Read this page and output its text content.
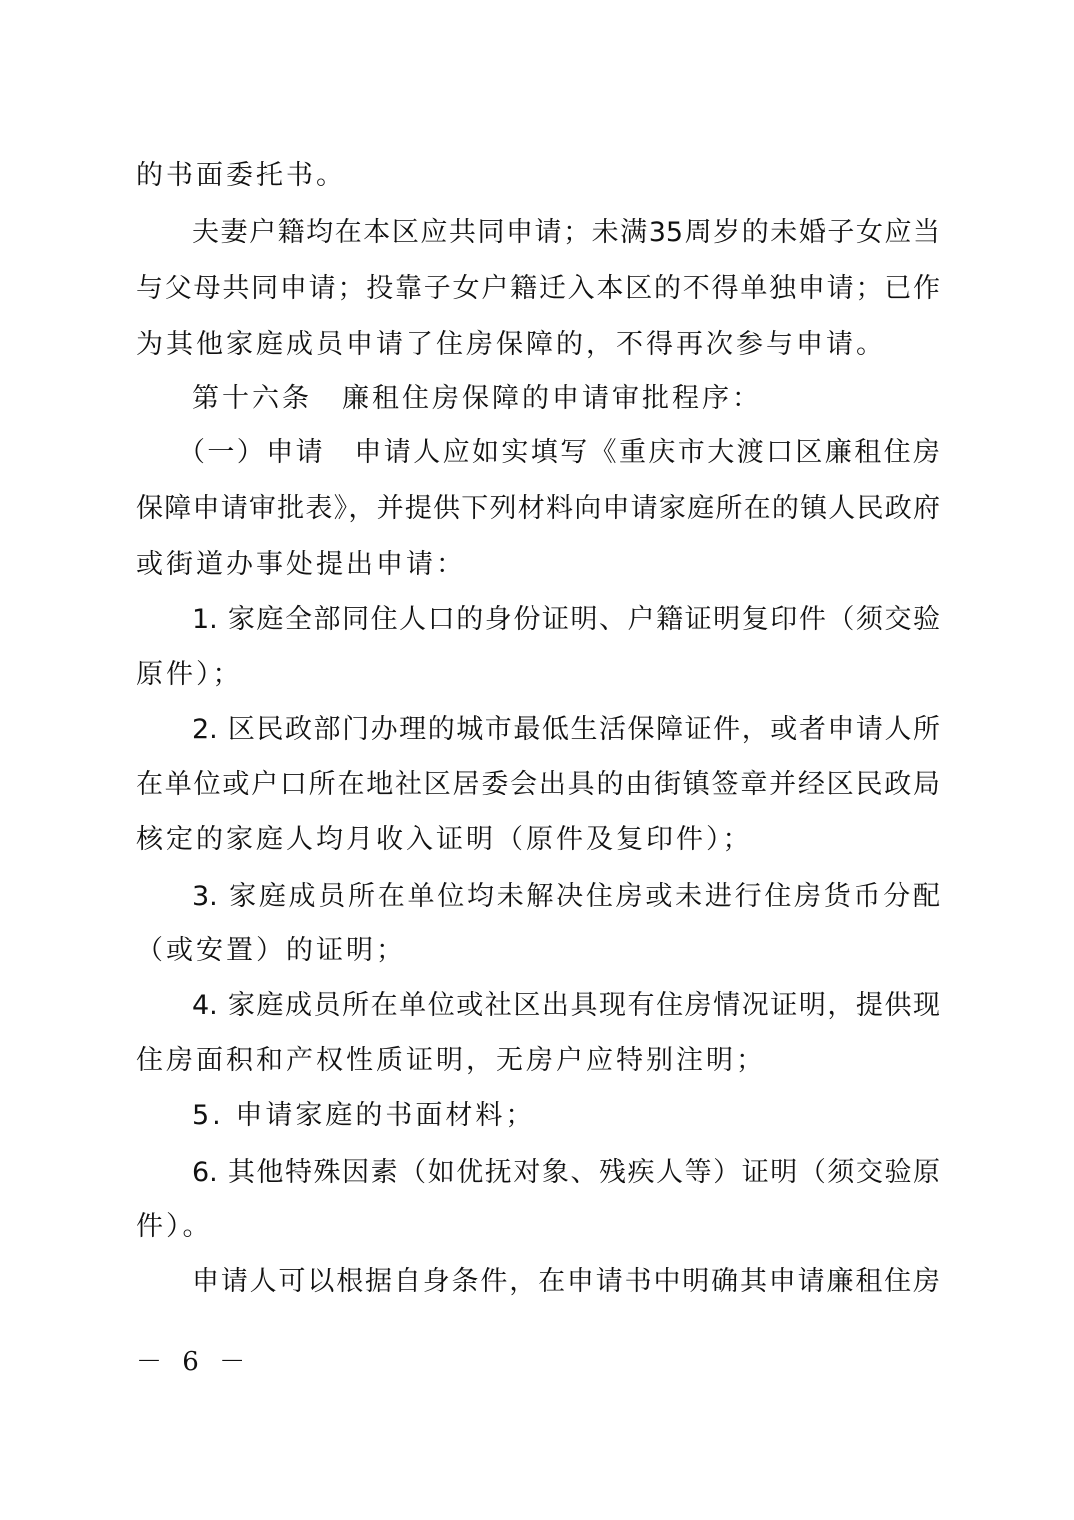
的书面委托书。
夫妻户籍均在本区应共同申请；未满35周岁的未婚子女应当
与父母共同申请；投靠子女户籍迁入本区的不得单独申请；已作
为其他家庭成员申请了住房保障的，不得再次参与申请。
第十六条　廉租住房保障的申请审批程序：
（一）申请　申请人应如实填写《重庆市大渡口区廉租住房
保障申请审批表》，并提供下列材料向申请家庭所在的镇人民政府
或街道办事处提出申请：
1. 家庭全部同住人口的身份证明、户籍证明复印件（须交验
原件）；
2. 区民政部门办理的城市最低生活保障证件，或者申请人所
在单位或户口所在地社区居委会出具的由街镇签章并经区民政局
核定的家庭人均月收入证明（原件及复印件）；
3. 家庭成员所在单位均未解决住房或未进行住房货币分配
（或安置）的证明；
4. 家庭成员所在单位或社区出具现有住房情况证明，提供现
住房面积和产权性质证明，无房户应特别注明；
5. 申请家庭的书面材料；
6. 其他特殊因素（如优抚对象、残疾人等）证明（须交验原
件）。
申请人可以根据自身条件，在申请书中明确其申请廉租住房
－ 6 －
